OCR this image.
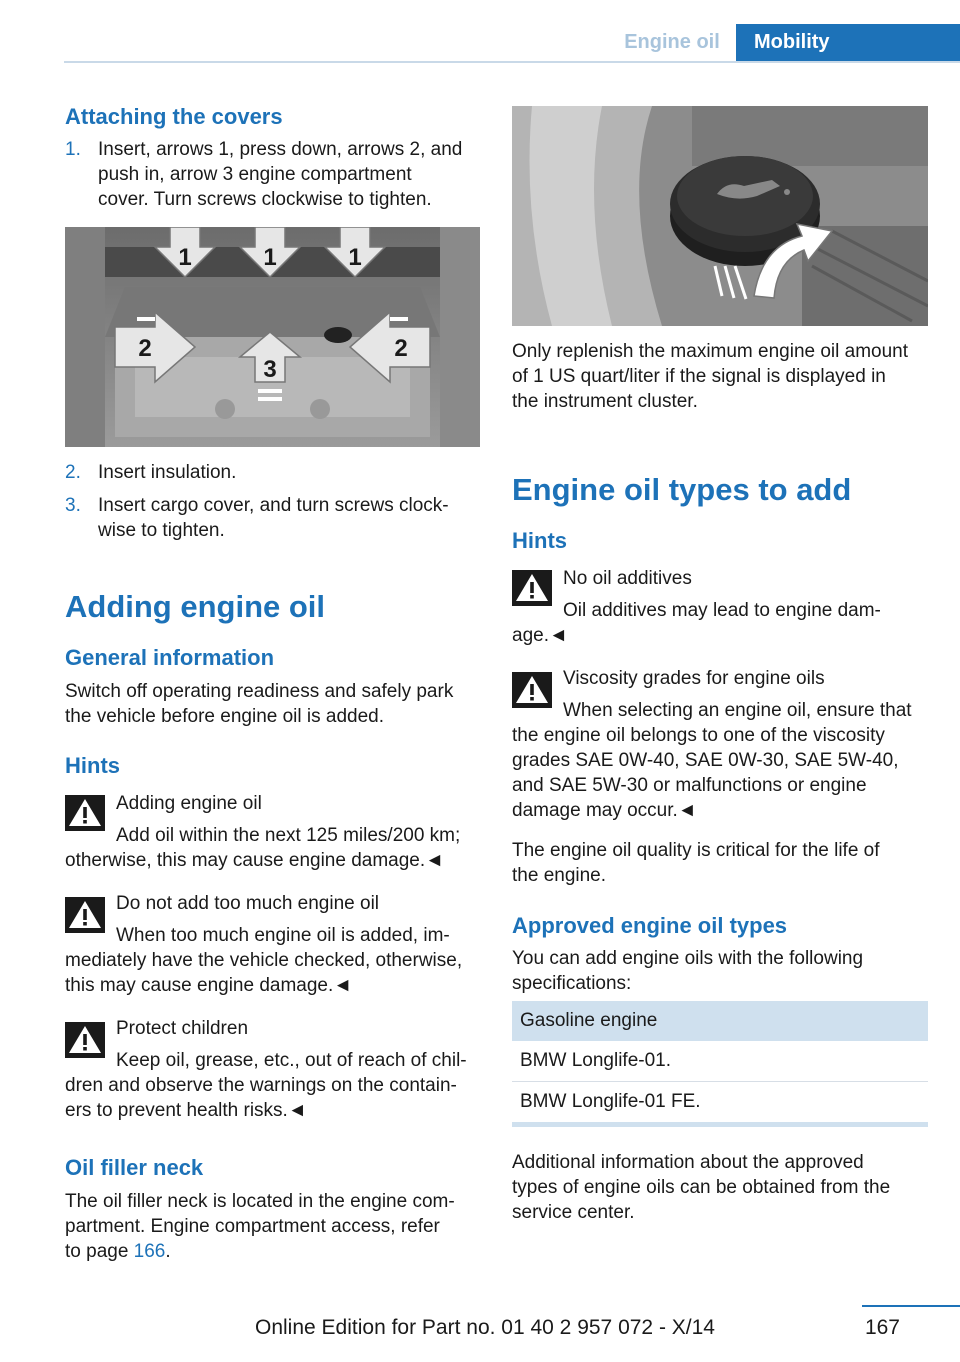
Engine oil	Mobility
Attaching the covers
1. Insert, arrows 1, press down, arrows 2, and

push in, arrow 3 engine compartment

cover. Turn screws clockwise to tighten.

1	1	1
2
3
2
2. Insert insulation.

3. Insert cargo cover, and turn screws clock-

wise to tighten.

Adding engine oil
General information

Switch off operating readiness and safely park

the vehicle before engine oil is added.

Hints

Adding engine oil

Add oil within the next 125 miles/200 km;

otherwise, this may cause engine damage.◄

Do not add too much engine oil

When too much engine oil is added, im-

mediately have the vehicle checked, otherwise,

this may cause engine damage.◄

Protect children

Keep oil, grease, etc., out of reach of chil-

dren and observe the warnings on the contain-

ers to prevent health risks.◄

Oil filler neck

The oil filler neck is located in the engine com-

partment. Engine compartment access, refer

to page 166.

Only replenish the maximum engine oil amount

of 1 US quart/liter if the signal is displayed in

the instrument cluster.

Engine oil types to add
Hints

No oil additives

Oil additives may lead to engine dam-

age.◄

Viscosity grades for engine oils

When selecting an engine oil, ensure that

the engine oil belongs to one of the viscosity

grades SAE 0W-40, SAE 0W-30, SAE 5W-40,

and SAE 5W-30 or malfunctions or engine

damage may occur.◄

The engine oil quality is critical for the life of

the engine.

Approved engine oil types

You can add engine oils with the following

specifications:

Gasoline engine
BMW Longlife-01.
BMW Longlife-01 FE.

Additional information about the approved

types of engine oils can be obtained from the

service center.

167
Online Edition for Part no. 01 40 2 957 072 - X/14
